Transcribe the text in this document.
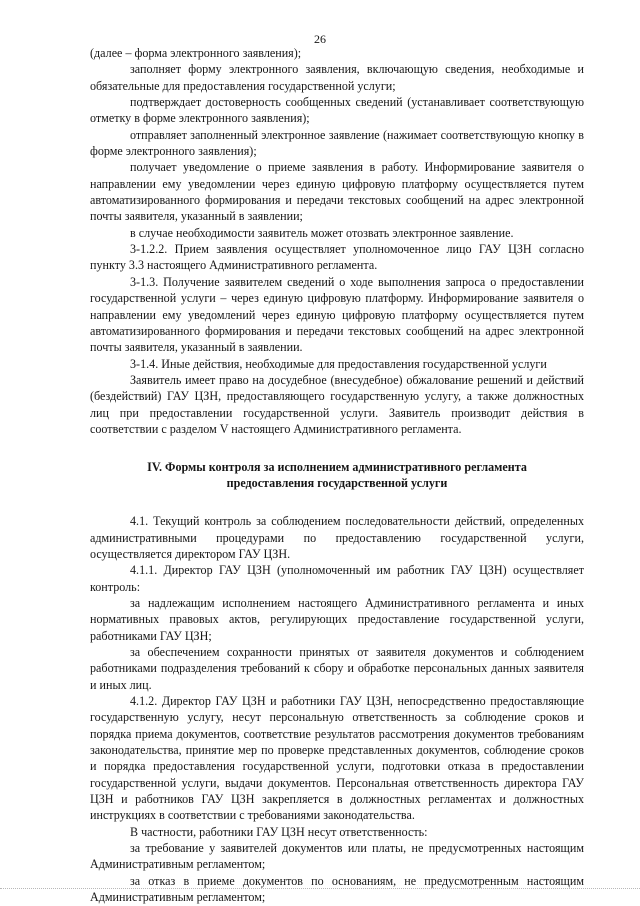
26

(далее – форма электронного заявления);

заполняет форму электронного заявления, включающую сведения, необходимые и обязательные для предоставления государственной услуги;

подтверждает достоверность сообщенных сведений (устанавливает соответствующую отметку в форме электронного заявления);

отправляет заполненный электронное заявление (нажимает соответствующую кнопку в форме электронного заявления);

получает уведомление о приеме заявления в работу. Информирование заявителя о направлении ему уведомлении через единую цифровую платформу осуществляется путем автоматизированного формирования и передачи текстовых сообщений на адрес электронной почты заявителя, указанный в заявлении;

в случае необходимости заявитель может отозвать электронное заявление.

3-1.2.2. Прием заявления осуществляет уполномоченное лицо ГАУ ЦЗН согласно пункту 3.3 настоящего Административного регламента.

3-1.3. Получение заявителем сведений о ходе выполнения запроса о предоставлении государственной услуги – через единую цифровую платформу. Информирование заявителя о направлении ему уведомлений через единую цифровую платформу осуществляется путем автоматизированного формирования и передачи текстовых сообщений на адрес электронной почты заявителя, указанный в заявлении.

3-1.4. Иные действия, необходимые для предоставления государственной услуги

Заявитель имеет право на досудебное (внесудебное) обжалование решений и действий (бездействий) ГАУ ЦЗН, предоставляющего государственную услугу, а также должностных лиц при предоставлении государственной услуги. Заявитель производит действия в соответствии с разделом V настоящего Административного регламента.

IV. Формы контроля за исполнением административного регламента
предоставления государственной услуги

4.1. Текущий контроль за соблюдением последовательности действий, определенных административными процедурами по предоставлению государственной услуги, осуществляется директором ГАУ ЦЗН.

4.1.1. Директор ГАУ ЦЗН (уполномоченный им работник ГАУ ЦЗН) осуществляет контроль:

за надлежащим исполнением настоящего Административного регламента и иных нормативных правовых актов, регулирующих предоставление государственной услуги, работниками ГАУ ЦЗН;

за обеспечением сохранности принятых от заявителя документов и соблюдением работниками подразделения требований к сбору и обработке персональных данных заявителя и иных лиц.

4.1.2. Директор ГАУ ЦЗН и работники ГАУ ЦЗН, непосредственно предоставляющие государственную услугу, несут персональную ответственность за соблюдение сроков и порядка приема документов, соответствие результатов рассмотрения документов требованиям законодательства, принятие мер по проверке представленных документов, соблюдение сроков и порядка предоставления государственной услуги, подготовки отказа в предоставлении государственной услуги, выдачи документов. Персональная ответственность директора ГАУ ЦЗН и работников ГАУ ЦЗН закрепляется в должностных регламентах и должностных инструкциях в соответствии с требованиями законодательства.

В частности, работники ГАУ ЦЗН несут ответственность:

за требование у заявителей документов или платы, не предусмотренных настоящим Административным регламентом;

за отказ в приеме документов по основаниям, не предусмотренным настоящим Административным регламентом;
